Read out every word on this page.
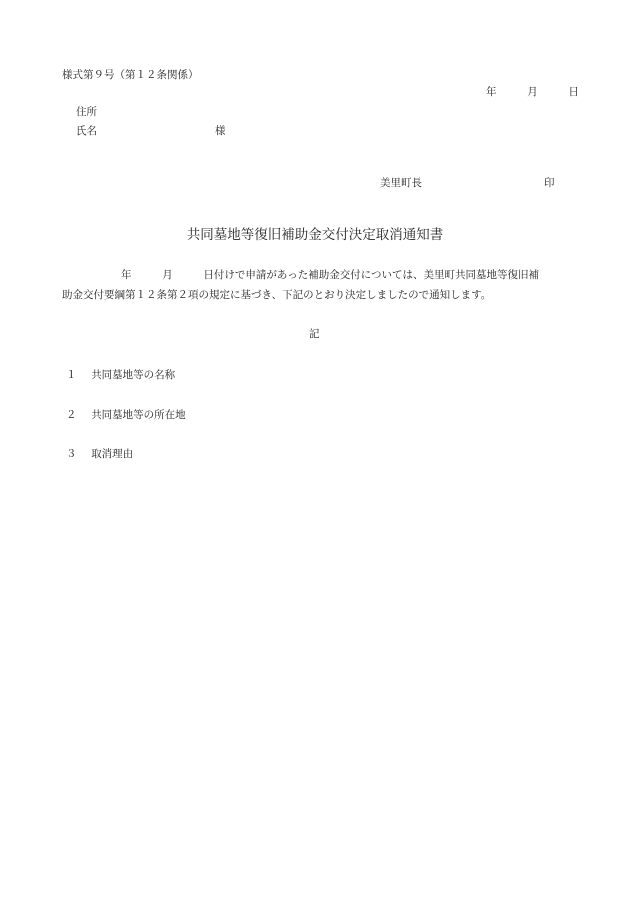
様式第９号（第１２条関係）
年	月	日
住所
氏名	様
美里町長	印
共同墓地等復旧補助金交付決定取消通知書
年	月	日付けで申請があった補助金交付については、美里町共同墓地等復旧補
助金交付要綱第１２条第２項の規定に基づき、下記のとおり決定しましたので通知します。
記
１ 共同墓地等の名称
２ 共同墓地等の所在地
３ 取消理由
